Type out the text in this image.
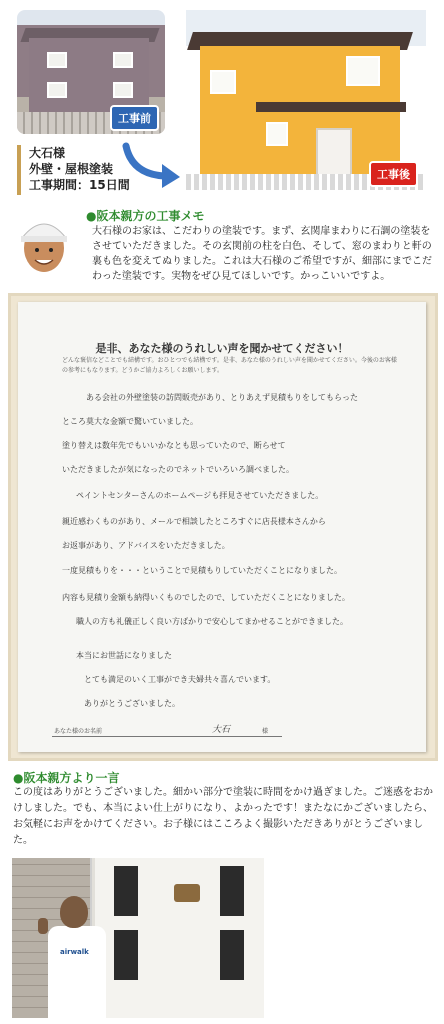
工事前
大石様
外壁・屋根塗装
工事期間：15日間
工事後
●阪本親方の工事メモ
大石様のお家は、こだわりの塗装です。まず、玄関扉まわりに石調の塗装をさせていただきました。その玄関前の柱を白色、そして、窓のまわりと軒の裏も色を変えてぬりました。これは大石様のご希望ですが、細部にまでこだわった塗装です。実物をぜひ見てほしいです。かっこいいですよ。
是非、あなた様のうれしい声を聞かせてください！
どんな褒信などことでも結構です。おひとつでも結構です。是非、あなた様のうれしい声を聞かせてください。今後のお客様の参考にもなります。どうかご協力よろしくお願いします。
ある会社の外壁塗装の訪問販売があり、とりあえず見積もりをしてもらった
ところ莫大な金額で驚いていました。
塗り替えは数年先でもいいかなとも思っていたので、断らせて
いただきましたが気になったのでネットでいろいろ調べました。
ペイントセンターさんのホームページも拝見させていただきました。
親近感わくものがあり、メールで相談したところすぐに店長様本さんから
お返事があり、アドバイスをいただきました。
一度見積もりを・・・ということで見積もりしていただくことになりました。
内容も見積り金額も納得いくものでしたので、していただくことになりました。
職人の方も礼儀正しく良い方ばかりで安心してまかせることができました。
本当にお世話になりました
とても満足のいく工事ができ夫婦共々喜んでいます。
ありがとうございました。
あなた様のお名前	大石	様
●阪本親方より一言
この度はありがとうございました。細かい部分で塗装に時間をかけ過ぎました。ご迷惑をおかけしました。でも、本当によい仕上がりになり、よかったです！またなにかございましたら、お気軽にお声をかけてください。お子様にはこころよく撮影いただきありがとうございました。
airwalk
